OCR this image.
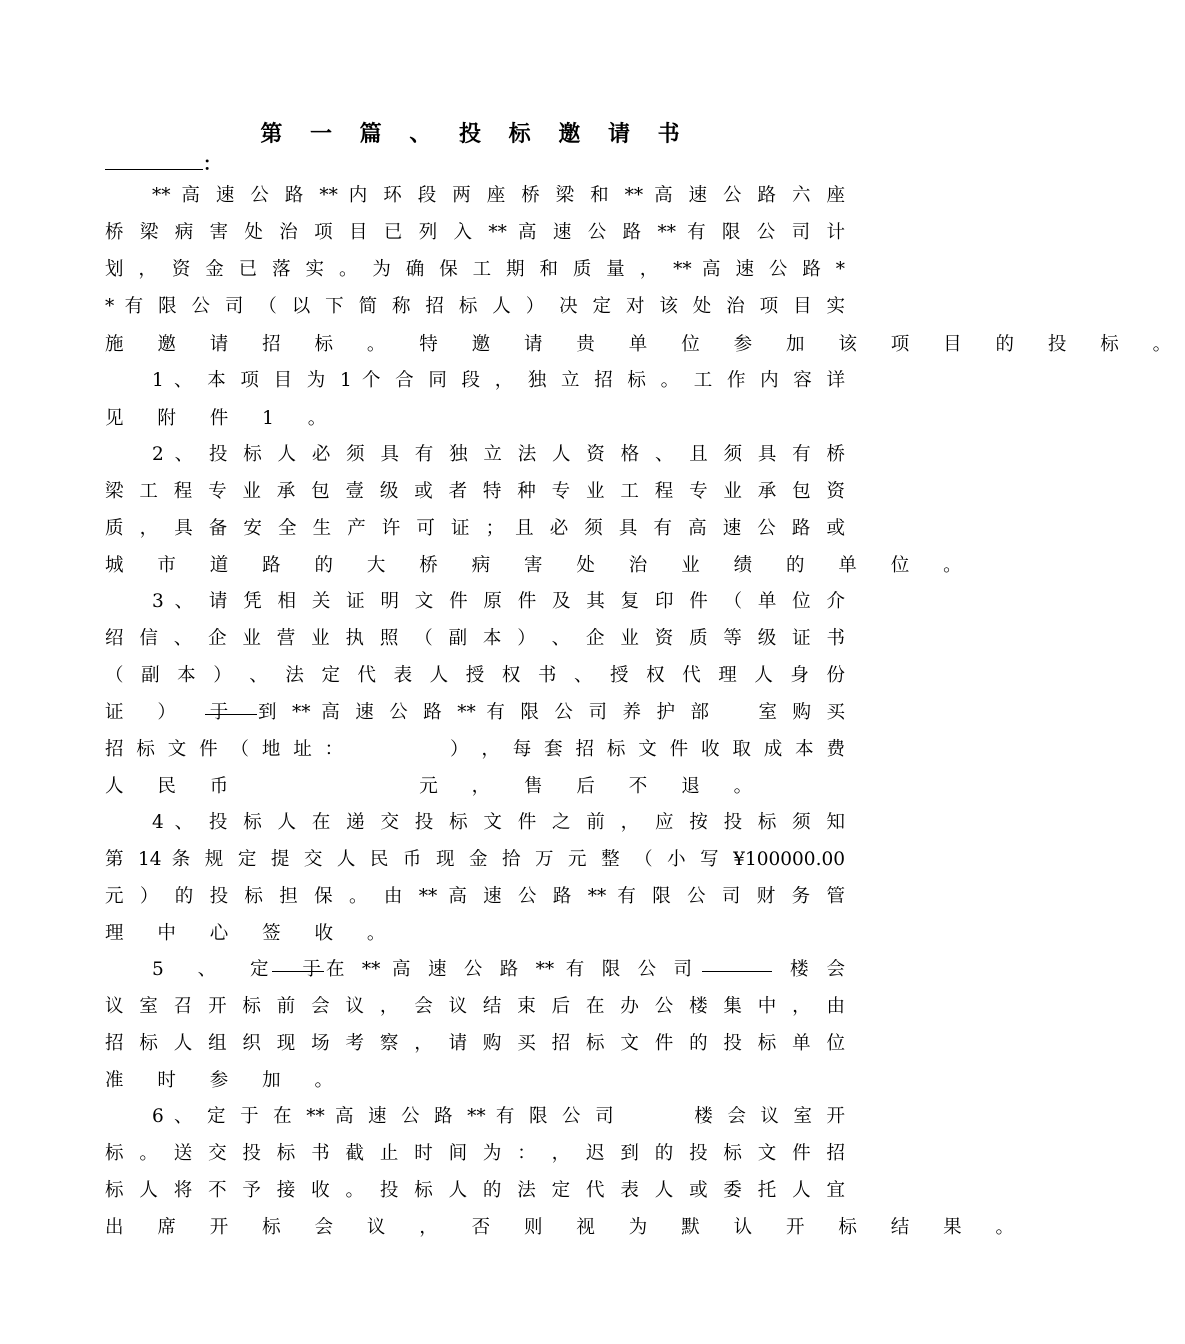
第 一 篇 、 投 标 邀 请 书
：
** 高 速 公 路 ** 内 环 段 两 座 桥 梁 和 ** 高 速 公 路 六 座
桥 梁 病 害 处 治 项 目 已 列 入 ** 高 速 公 路 ** 有 限 公 司 计
划 ， 资 金 已 落 实 。 为 确 保 工 期 和 质 量 ， ** 高 速 公 路 *
* 有 限 公 司 （ 以 下 简 称 招 标 人 ） 决 定 对 该 处 治 项 目 实
施 邀 请 招 标 。 特 邀 请 贵 单 位 参 加 该 项 目 的 投 标 。
1 、 本 项 目 为 1 个 合 同 段 ， 独 立 招 标 。 工 作 内 容 详
见 附 件 1 。
2 、 投 标 人 必 须 具 有 独 立 法 人 资 格 、 且 须 具 有 桥
梁 工 程 专 业 承 包 壹 级 或 者 特 种 专 业 工 程 专 业 承 包 资
质 ， 具 备 安 全 生 产 许 可 证 ； 且 必 须 具 有 高 速 公 路 或
城 市 道 路 的 大 桥 病 害 处 治 业 绩 的 单 位 。
3 、 请 凭 相 关 证 明 文 件 原 件 及 其 复 印 件 （ 单 位 介
绍 信 、 企 业 营 业 执 照 （ 副 本 ） 、 企 业 资 质 等 级 证 书
（ 副 本 ） 、 法 定 代 表 人 授 权 书 、 授 权 代 理 人 身 份
证 ） 于 到 ** 高 速 公 路 ** 有 限 公 司 养 护 部 　 室 购 买
招 标 文 件 （ 地 址 ： 　 　 　 ） ， 每 套 招 标 文 件 收 取 成 本 费
人 民 币 　 　 　 元 ， 售 后 不 退 。
4 、 投 标 人 在 递 交 投 标 文 件 之 前 ， 应 按 投 标 须 知
第 14 条 规 定 提 交 人 民 币 现 金 拾 万 元 整 （ 小 写 ¥100000.00
元 ） 的 投 标 担 保 。 由 ** 高 速 公 路 ** 有 限 公 司 财 务 管
理 中 心 签 收 。
5 、 定 于
在 ** 高 速 公 路 ** 有 限 公 司	楼 会
议 室 召 开 标 前 会 议 ， 会 议 结 束 后 在 办 公 楼 集 中 ， 由
招 标 人 组 织 现 场 考 察 ， 请 购 买 招 标 文 件 的 投 标 单 位
准 时 参 加 。
6 、 定 于 在 ** 高 速 公 路 ** 有 限 公 司 　 　 楼 会 议 室 开
标 。 送 交 投 标 书 截 止 时 间 为 ： ， 迟 到 的 投 标 文 件 招
标 人 将 不 予 接 收 。 投 标 人 的 法 定 代 表 人 或 委 托 人 宜
出 席 开 标 会 议 ， 否 则 视 为 默 认 开 标 结 果 。
